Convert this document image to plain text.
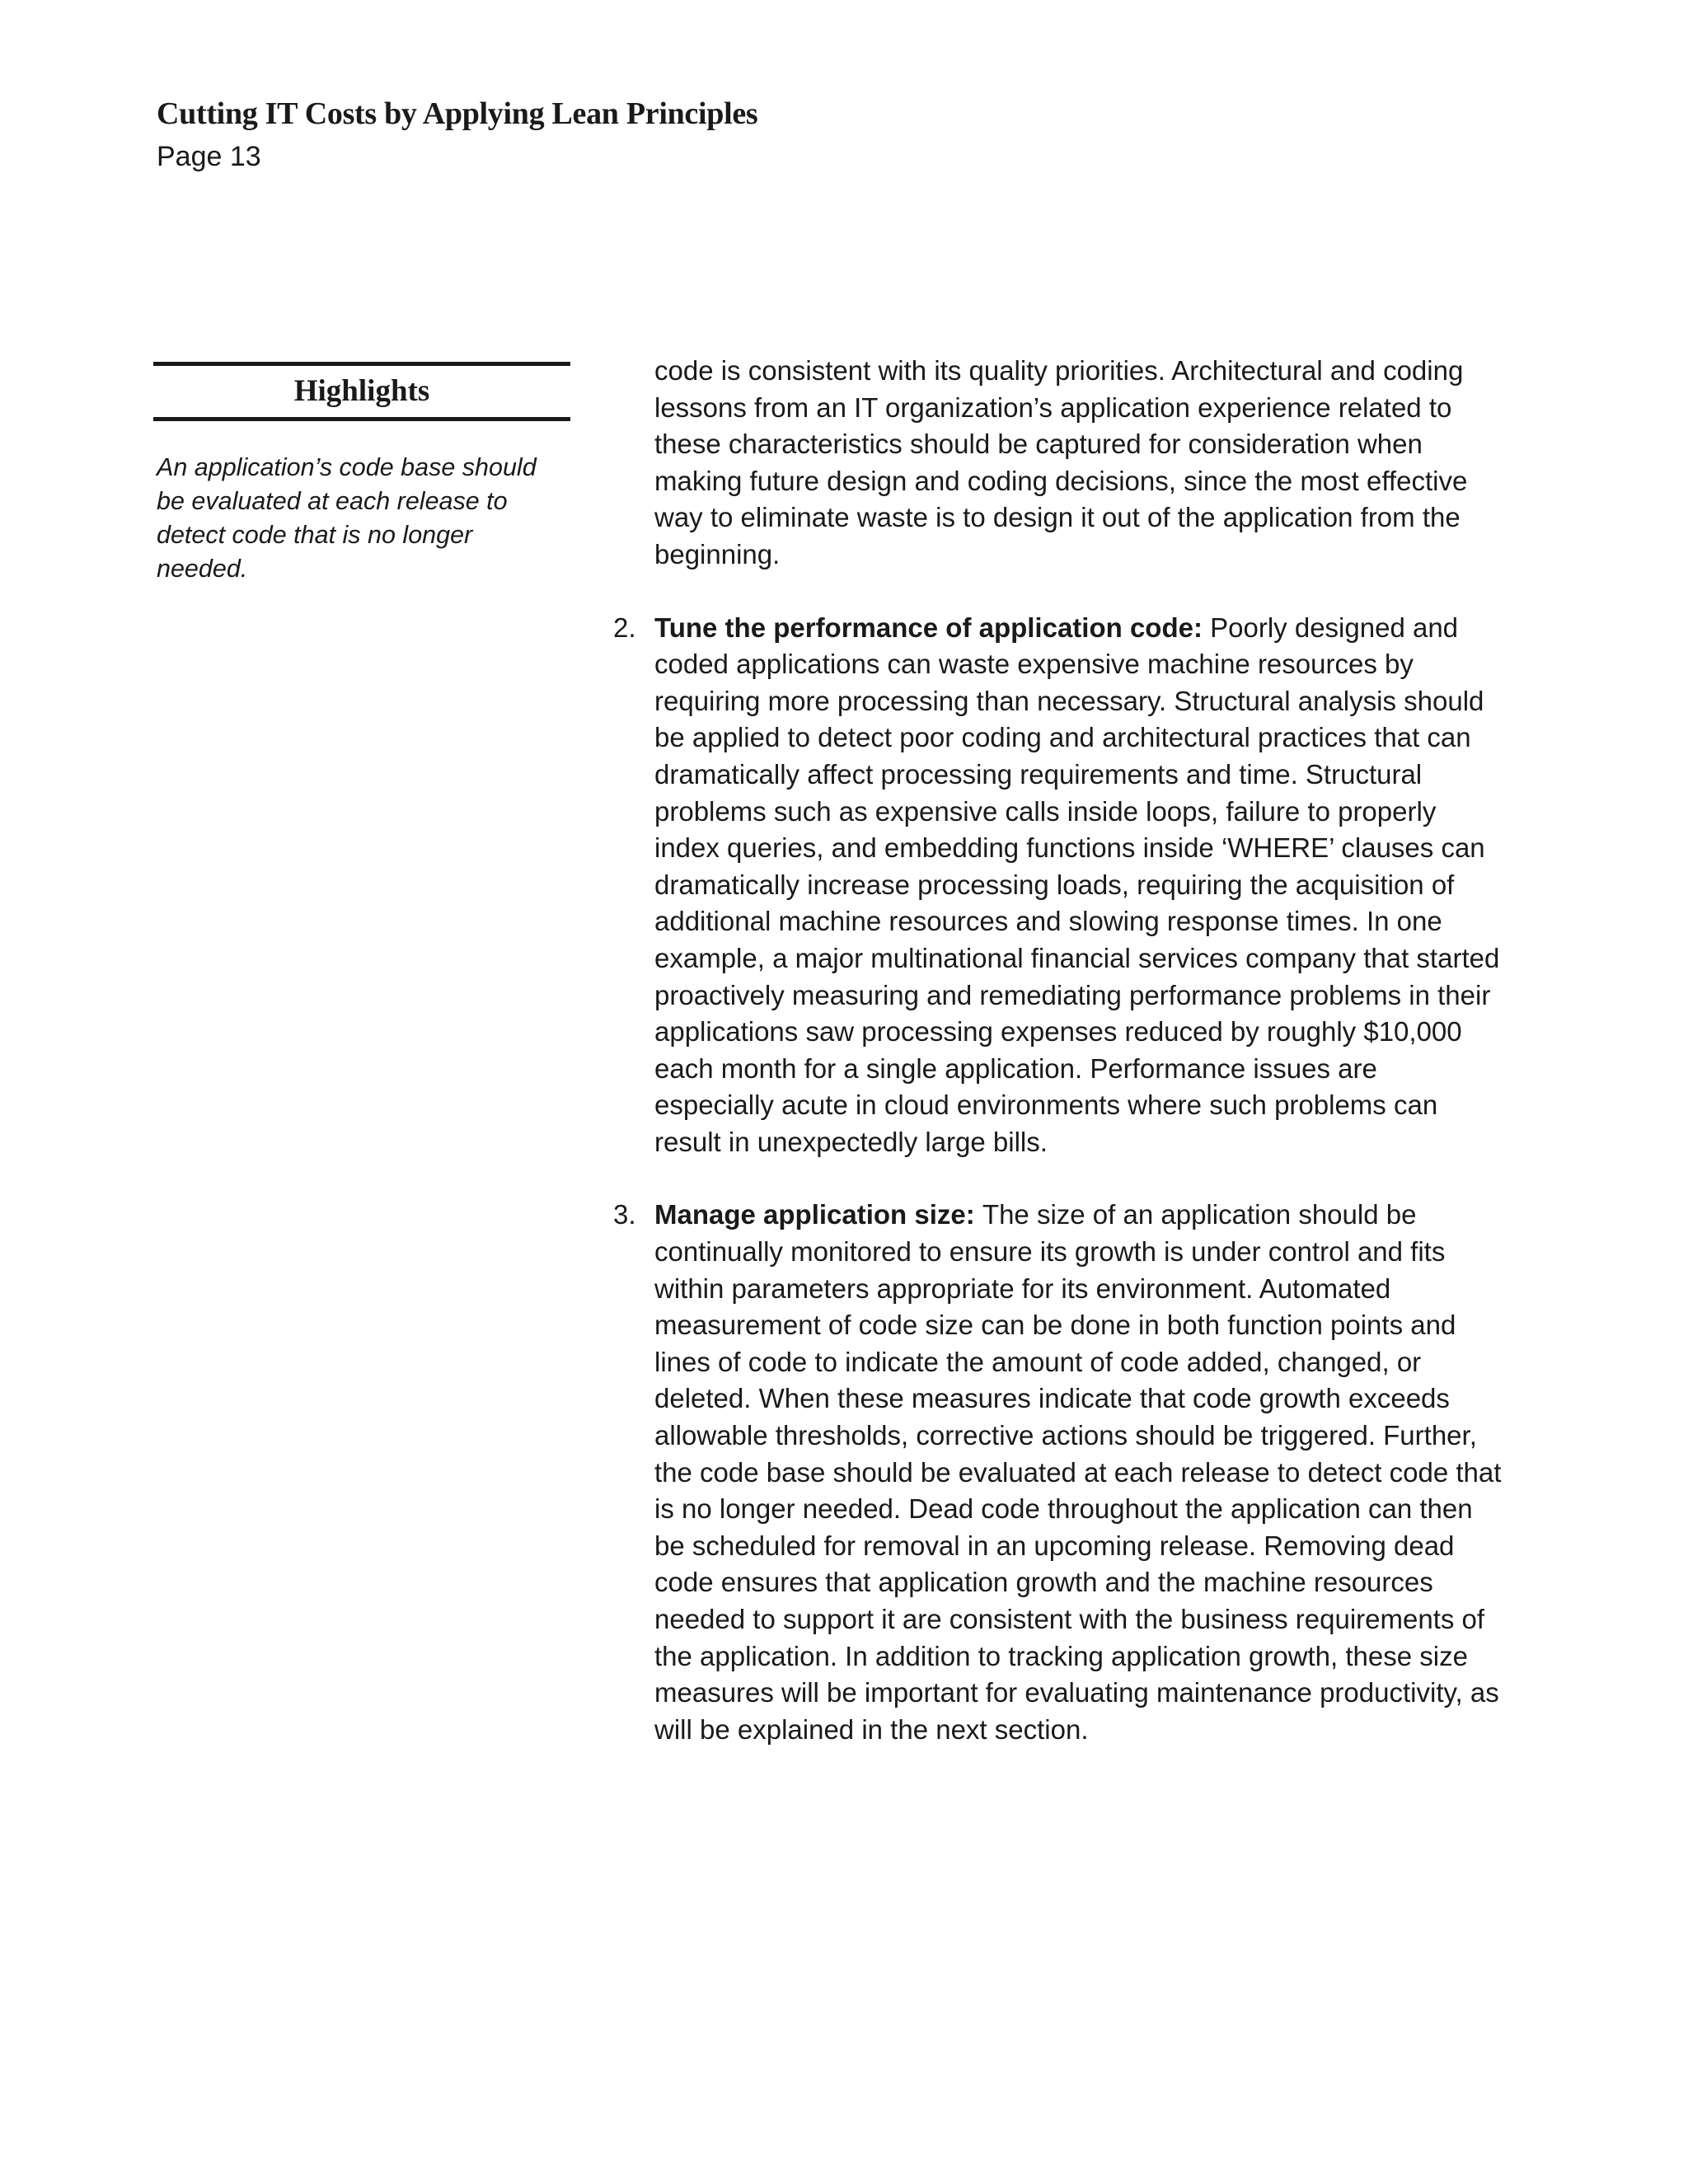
Cutting IT Costs by Applying Lean Principles
Page 13
Highlights

An application’s code base should be evaluated at each release to detect code that is no longer needed.

code is consistent with its quality priorities. Architectural and coding lessons from an IT organization’s application experience related to these characteristics should be captured for consideration when making future design and coding decisions, since the most effective way to eliminate waste is to design it out of the application from the beginning.

2. Tune the performance of application code: Poorly designed and coded applications can waste expensive machine resources by requiring more processing than necessary. Structural analysis should be applied to detect poor coding and architectural practices that can dramatically affect processing requirements and time. Structural problems such as expensive calls inside loops, failure to properly index queries, and embedding functions inside ‘WHERE’ clauses can dramatically increase processing loads, requiring the acquisition of additional machine resources and slowing response times. In one example, a major multinational financial services company that started proactively measuring and remediating performance problems in their applications saw processing expenses reduced by roughly $10,000 each month for a single application. Performance issues are especially acute in cloud environments where such problems can result in unexpectedly large bills.
3. Manage application size: The size of an application should be continually monitored to ensure its growth is under control and fits within parameters appropriate for its environment. Automated measurement of code size can be done in both function points and lines of code to indicate the amount of code added, changed, or deleted. When these measures indicate that code growth exceeds allowable thresholds, corrective actions should be triggered. Further, the code base should be evaluated at each release to detect code that is no longer needed. Dead code throughout the application can then be scheduled for removal in an upcoming release. Removing dead code ensures that application growth and the machine resources needed to support it are consistent with the business requirements of the application. In addition to tracking application growth, these size measures will be important for evaluating maintenance productivity, as will be explained in the next section.
